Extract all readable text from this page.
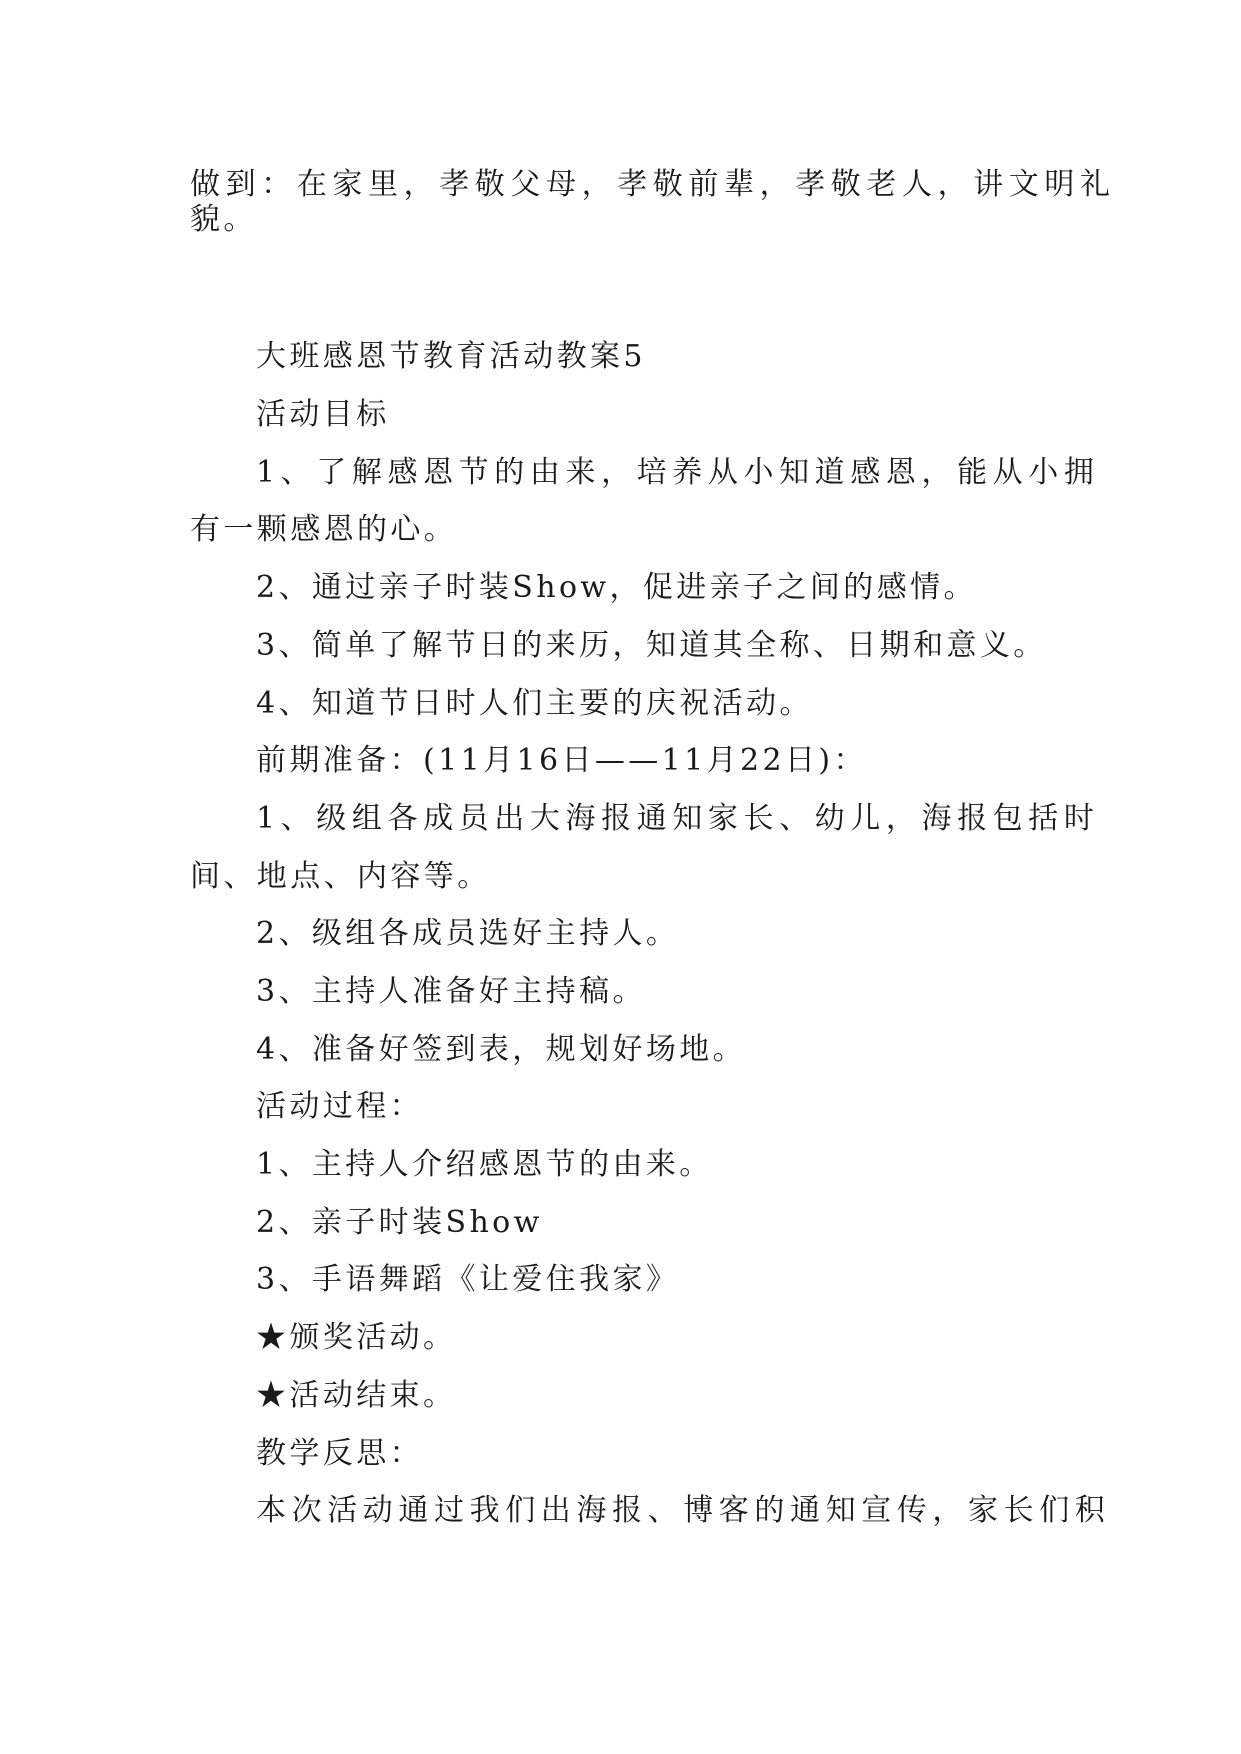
做到：在家里，孝敬父母，孝敬前辈，孝敬老人，讲文明礼
貌。
大班感恩节教育活动教案5
活动目标
1、了解感恩节的由来，培养从小知道感恩，能从小拥
有一颗感恩的心。
2、通过亲子时装Show，促进亲子之间的感情。
3、简单了解节日的来历，知道其全称、日期和意义。
4、知道节日时人们主要的庆祝活动。
前期准备：(11月16日——11月22日)：
1、级组各成员出大海报通知家长、幼儿，海报包括时
间、地点、内容等。
2、级组各成员选好主持人。
3、主持人准备好主持稿。
4、准备好签到表，规划好场地。
活动过程：
1、主持人介绍感恩节的由来。
2、亲子时装Show
3、手语舞蹈《让爱住我家》
★颁奖活动。
★活动结束。
教学反思：
本次活动通过我们出海报、博客的通知宣传，家长们积
